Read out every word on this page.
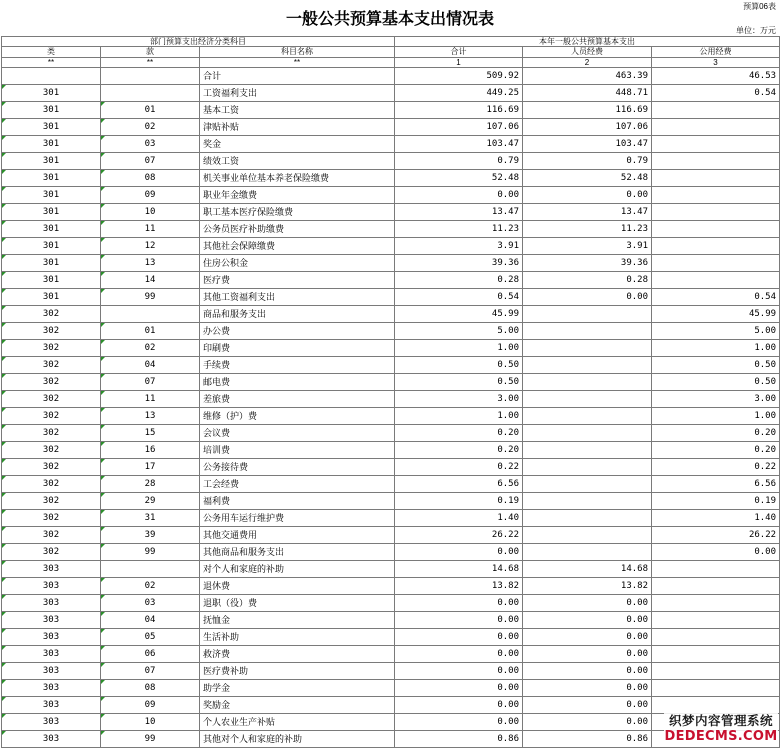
预算06表
一般公共预算基本支出情况表
单位：万元
部门预算支出经济分类科目			本年一般公共预算基本支出		
类	款	科目名称	合计	人员经费	公用经费
**	**	**	1	2	3
		合计	509.92	463.39	46.53
301		工资福利支出	449.25	448.71	0.54
301	01	基本工资	116.69	116.69	
301	02	津贴补贴	107.06	107.06	
301	03	奖金	103.47	103.47	
301	07	绩效工资	0.79	0.79	
301	08	机关事业单位基本养老保险缴费	52.48	52.48	
301	09	职业年金缴费	0.00	0.00	
301	10	职工基本医疗保险缴费	13.47	13.47	
301	11	公务员医疗补助缴费	11.23	11.23	
301	12	其他社会保障缴费	3.91	3.91	
301	13	住房公积金	39.36	39.36	
301	14	医疗费	0.28	0.28	
301	99	其他工资福利支出	0.54	0.00	0.54
302		商品和服务支出	45.99		45.99
302	01	办公费	5.00		5.00
302	02	印刷费	1.00		1.00
302	04	手续费	0.50		0.50
302	07	邮电费	0.50		0.50
302	11	差旅费	3.00		3.00
302	13	维修（护）费	1.00		1.00
302	15	会议费	0.20		0.20
302	16	培训费	0.20		0.20
302	17	公务接待费	0.22		0.22
302	28	工会经费	6.56		6.56
302	29	福利费	0.19		0.19
302	31	公务用车运行维护费	1.40		1.40
302	39	其他交通费用	26.22		26.22
302	99	其他商品和服务支出	0.00		0.00
303		对个人和家庭的补助	14.68	14.68	
303	02	退休费	13.82	13.82	
303	03	退职（役）费	0.00	0.00	
303	04	抚恤金	0.00	0.00	
303	05	生活补助	0.00	0.00	
303	06	救济费	0.00	0.00	
303	07	医疗费补助	0.00	0.00	
303	08	助学金	0.00	0.00	
303	09	奖励金	0.00	0.00	
303	10	个人农业生产补贴	0.00	0.00	
303	99	其他对个人和家庭的补助	0.86	0.86	
织梦内容管理系统
DEDECMS.COM
